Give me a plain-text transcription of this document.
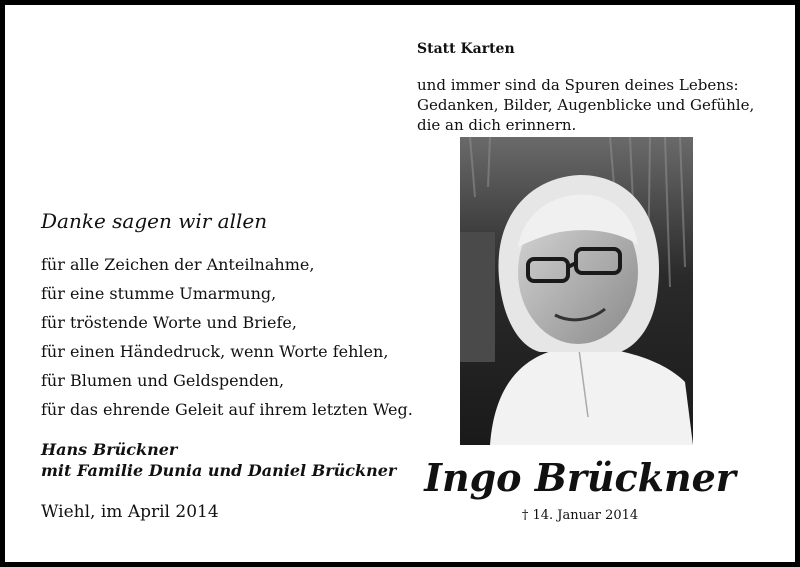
Statt Karten
und immer sind da Spuren deines Lebens:
Gedanken, Bilder, Augenblicke und Gefühle,
die an dich erinnern.
Ingo Brückner
† 14. Januar 2014
Danke sagen wir allen
für alle Zeichen der Anteilnahme,
für eine stumme Umarmung,
für tröstende Worte und Briefe,
für einen Händedruck, wenn Worte fehlen,
für Blumen und Geldspenden,
für das ehrende Geleit auf ihrem letzten Weg.
Hans Brückner
mit Familie Dunia und Daniel Brückner
Wiehl, im April 2014
